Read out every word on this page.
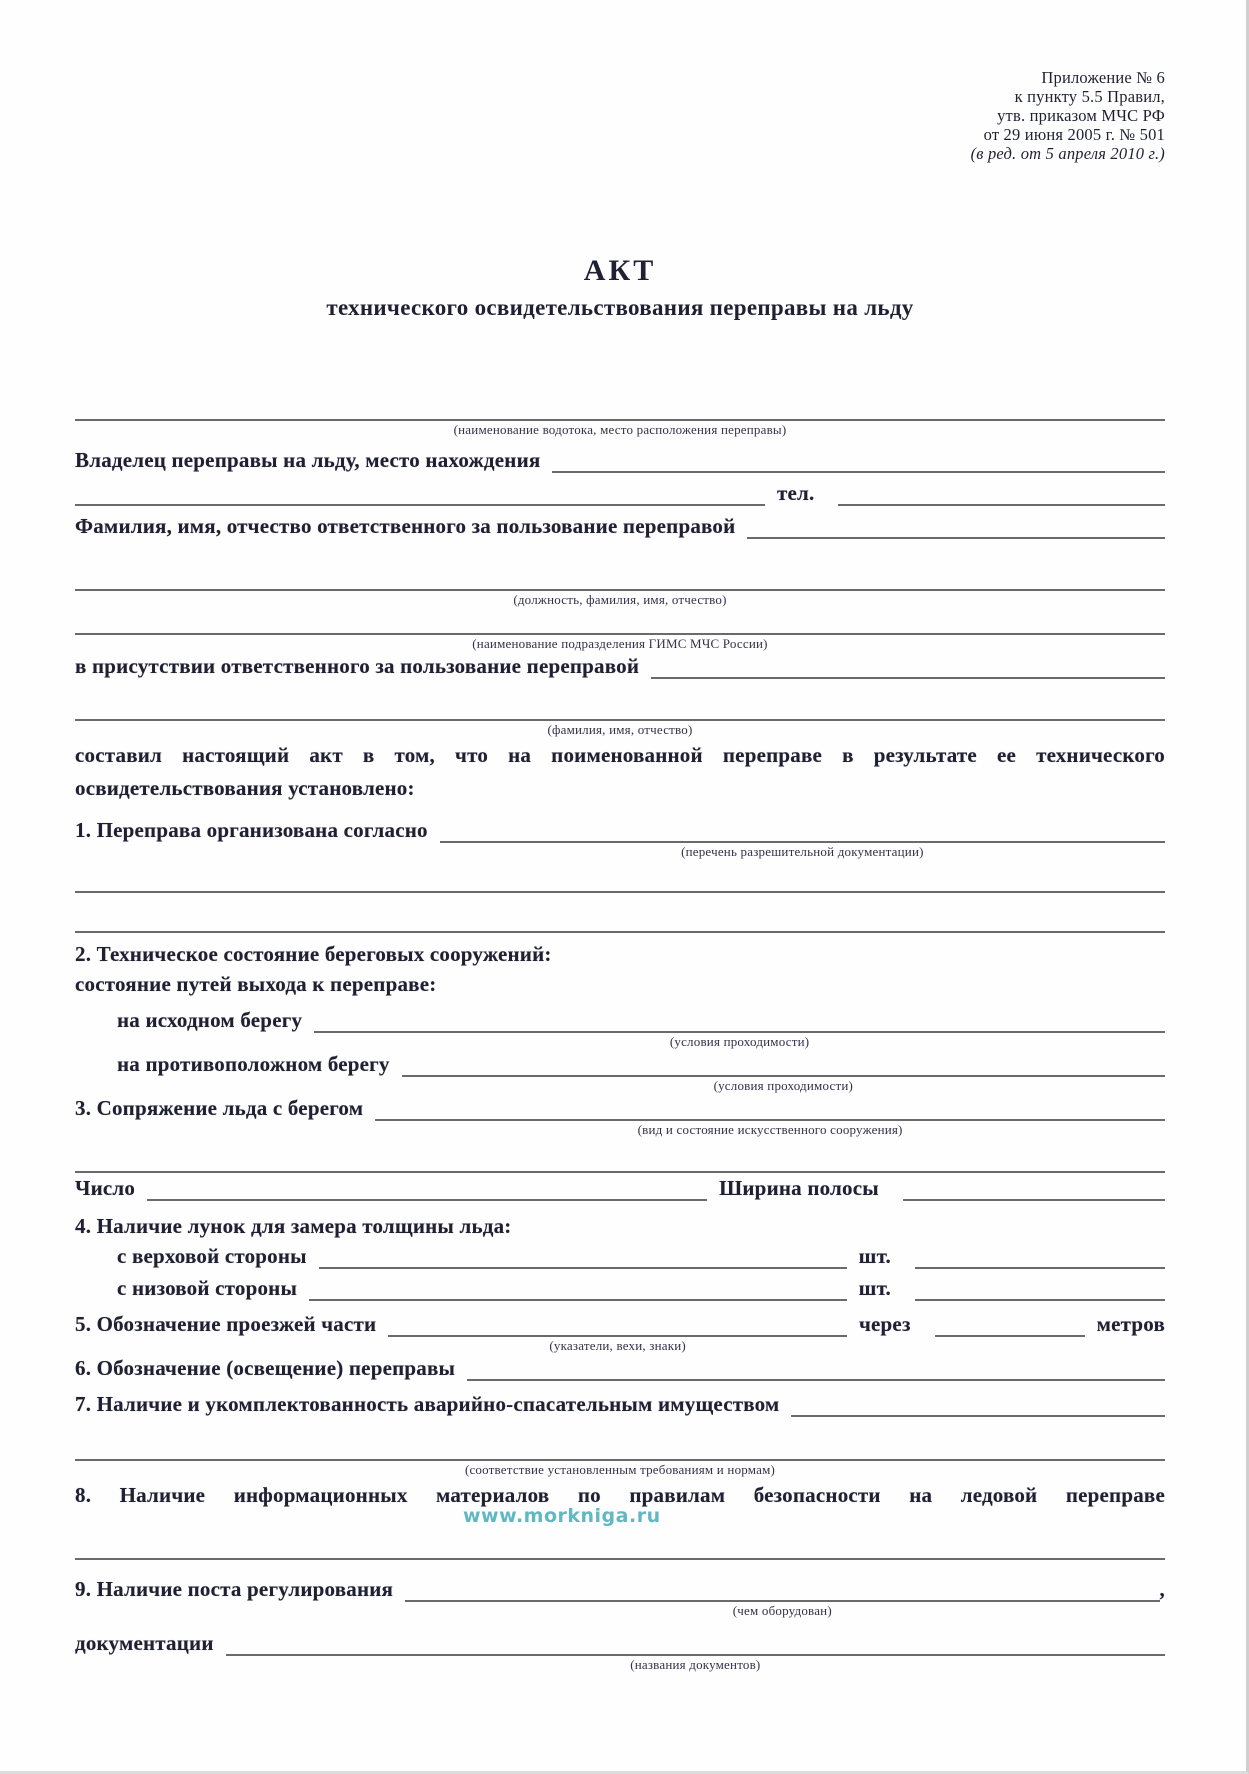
Приложение № 6
к пункту 5.5 Правил,
утв. приказом МЧС РФ
от 29 июня 2005 г. № 501
(в ред. от 5 апреля 2010 г.)
АКТ
технического освидетельствования переправы на льду
(наименование водотока, место расположения переправы)
Владелец переправы на льду, место нахождения
тел.
Фамилия, имя, отчество ответственного за пользование переправой
(должность, фамилия, имя, отчество)
(наименование подразделения ГИМС МЧС России)
в присутствии ответственного за пользование переправой
(фамилия, имя, отчество)
составил настоящий акт в том, что на поименованной переправе в результате ее технического
освидетельствования установлено:
1. Переправа организована согласно
(перечень разрешительной документации)
2. Техническое состояние береговых сооружений:
состояние путей выхода к переправе:
на исходном берегу
(условия проходимости)
на противоположном берегу
(условия проходимости)
3. Сопряжение льда с берегом
(вид и состояние искусственного сооружения)
Число	Ширина полосы
4. Наличие лунок для замера толщины льда:
с верховой стороны	шт.
с низовой стороны	шт.
5. Обозначение проезжей части
(указатели, вехи, знаки)
через	метров
6. Обозначение (освещение) переправы
7. Наличие и укомплектованность аварийно-спасательным имуществом
(соответствие установленным требованиям и нормам)
8. Наличие информационных материалов по правилам безопасности на ледовой переправе
www.morkniga.ru
9. Наличие поста регулирования
(чем оборудован)
,
документации
(названия документов)
